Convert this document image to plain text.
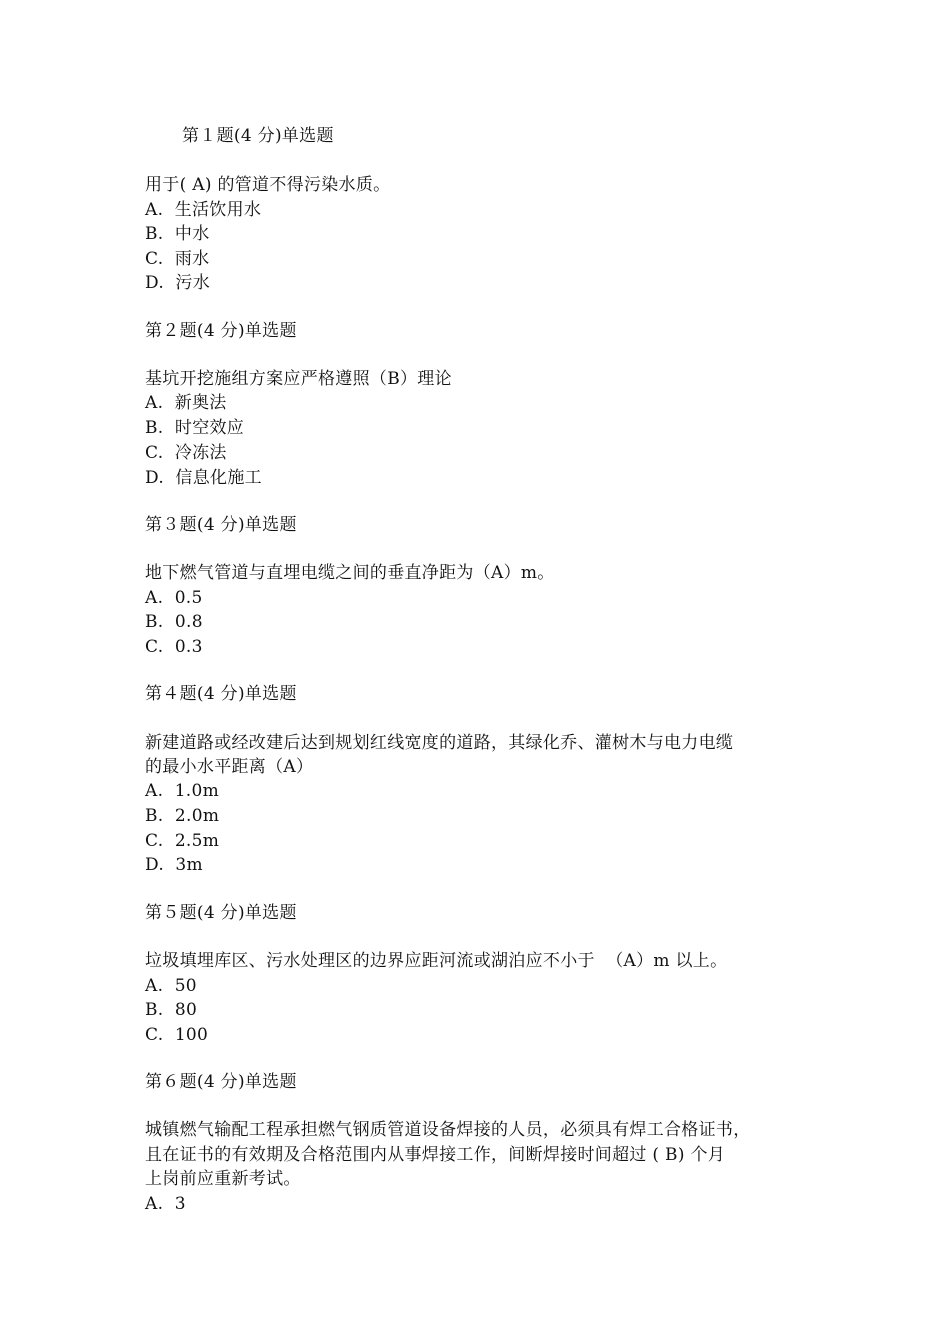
第１题(4 分)单选题
用于( A) 的管道不得污染水质。
A.  生活饮用水
B.  中水
C.  雨水
D.  污水
第２题(4 分)单选题
基坑开挖施组方案应严格遵照（B）理论
A.  新奥法
B.  时空效应
C.  冷冻法
D.  信息化施工
第３题(4 分)单选题
地下燃气管道与直埋电缆之间的垂直净距为（A）m。
A.  0.5
B.  0.8
C.  0.3
第４题(4 分)单选题
新建道路或经改建后达到规划红线宽度的道路，其绿化乔、灌树木与电力电缆
的最小水平距离（A）
A.  1.0m
B.  2.0m
C.  2.5m
D.  3m
第５题(4 分)单选题
垃圾填埋库区、污水处理区的边界应距河流或湖泊应不小于  （A）m 以上。
A.  50
B.  80
C.  100
第６题(4 分)单选题
城镇燃气输配工程承担燃气钢质管道设备焊接的人员，必须具有焊工合格证书，
且在证书的有效期及合格范围内从事焊接工作，间断焊接时间超过 ( B) 个月
上岗前应重新考试。
A.  3
